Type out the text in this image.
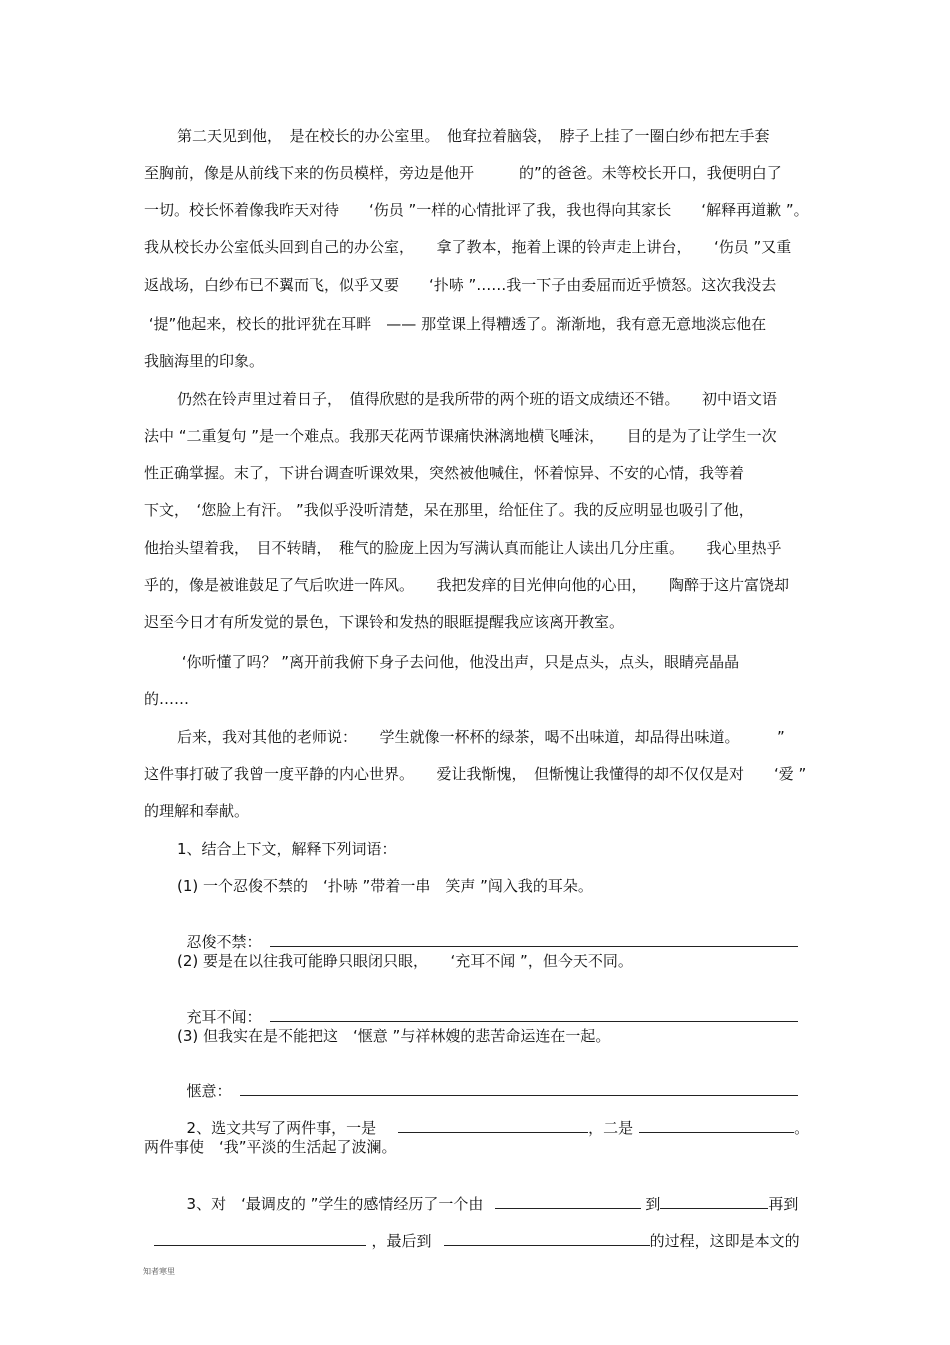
第二天见到他，　是在校长的办公室里。　他耷拉着脑袋，　脖子上挂了一圈白纱布把左手套
至胸前，像是从前线下来的伤员模样，旁边是他开　　　的”的爸爸。未等校长开口，我便明白了
一切。校长怀着像我昨天对待　　‘伤员 ”一样的心情批评了我，我也得向其家长　　‘解释再道歉 ”。
我从校长办公室低头回到自己的办公室，　　拿了教本，拖着上课的铃声走上讲台，　　‘伤员 ”又重
返战场，白纱布已不翼而飞，似乎又要　　‘扑哧 ”……我一下子由委屈而近乎愤怒。这次我没去
‘提”他起来，校长的批评犹在耳畔　—— 那堂课上得糟透了。渐渐地，我有意无意地淡忘他在
我脑海里的印象。
仍然在铃声里过着日子，　值得欣慰的是我所带的两个班的语文成绩还不错。　　初中语文语
法中 “二重复句 ”是一个难点。我那天花两节课痛快淋漓地横飞唾沫，　　目的是为了让学生一次
性正确掌握。末了，下讲台调查听课效果，突然被他喊住，怀着惊异、不安的心情，我等着
下文，　‘您脸上有汗。 ”我似乎没听清楚，呆在那里，给怔住了。我的反应明显也吸引了他，
他抬头望着我，　目不转睛，　稚气的脸庞上因为写满认真而能让人读出几分庄重。　　我心里热乎
乎的，像是被谁鼓足了气后吹进一阵风。　　我把发痒的目光伸向他的心田，　　陶醉于这片富饶却
迟至今日才有所发觉的景色，下课铃和发热的眼眶提醒我应该离开教室。
‘你听懂了吗？ ”离开前我俯下身子去问他，他没出声，只是点头，点头，眼睛亮晶晶
的……
后来，我对其他的老师说：　　学生就像一杯杯的绿茶，喝不出味道，却品得出味道。　　　”
这件事打破了我曾一度平静的内心世界。　　爱让我惭愧，　但惭愧让我懂得的却不仅仅是对　　‘爱 ”
的理解和奉献。
1、结合上下文，解释下列词语：
(1) 一个忍俊不禁的　‘扑哧 ”带着一串　笑声 ”闯入我的耳朵。

忍俊不禁：

(2) 要是在以往我可能睁只眼闭只眼，　　‘充耳不闻 ”，但今天不同。

充耳不闻：

(3) 但我实在是不能把这　‘惬意 ”与祥林嫂的悲苦命运连在一起。

惬意：

2、选文共写了两件事，一是	，二是	。

两件事使　‘我”平淡的生活起了波澜。

3、对　‘最调皮的 ”学生的感情经历了一个由	到	再到

，最后到	的过程，这即是本文的

知者寒里
